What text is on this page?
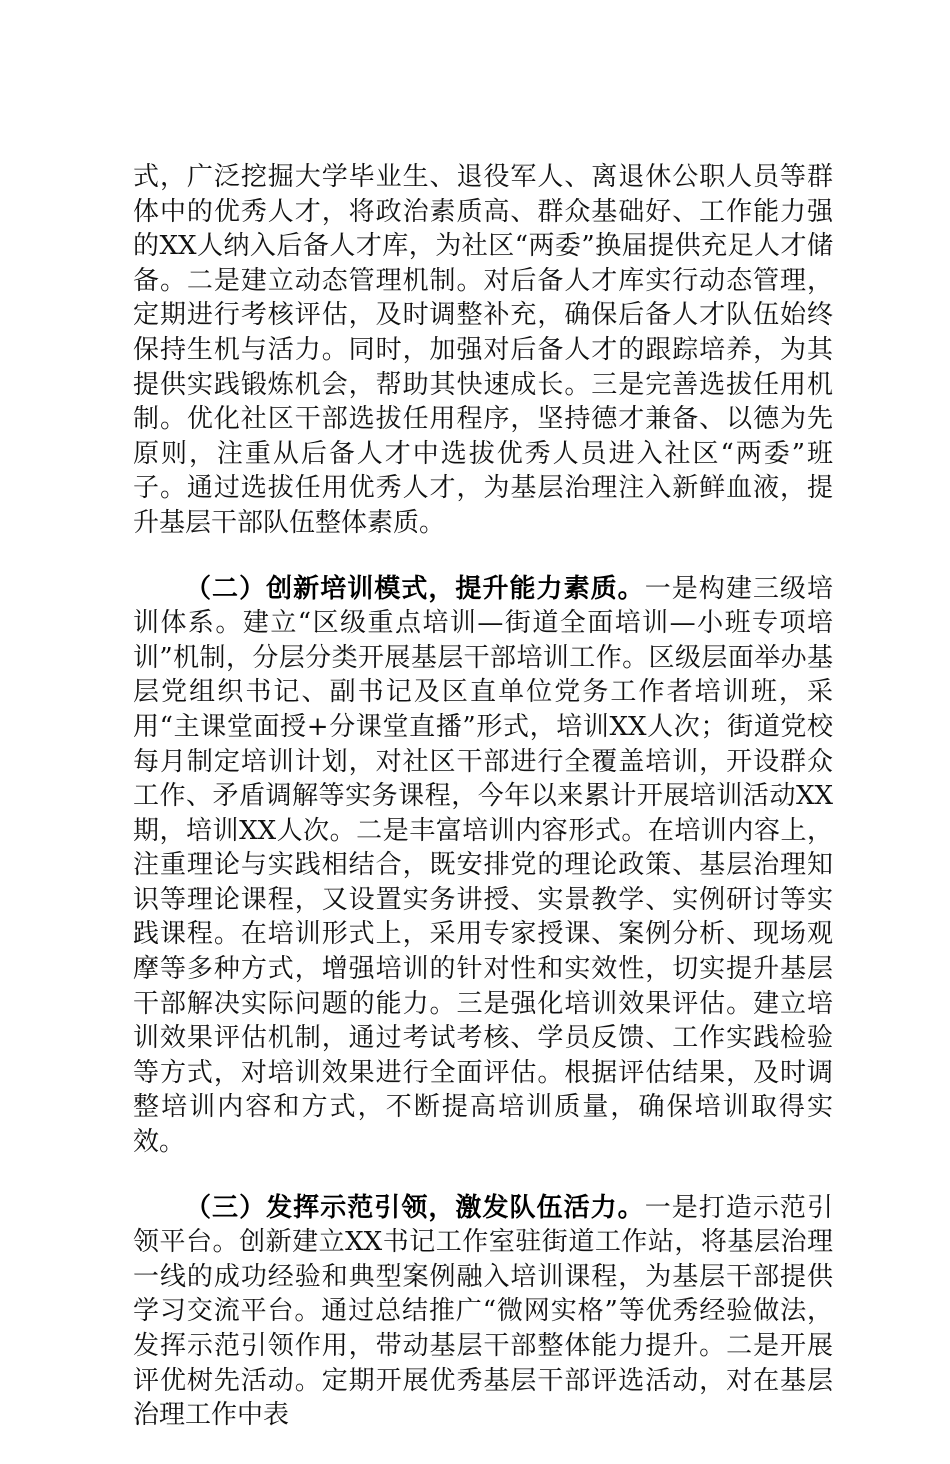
式，广泛挖掘大学毕业生、退役军人、离退休公职人员等群体中的优秀人才，将政治素质高、群众基础好、工作能力强的XX人纳入后备人才库，为社区“两委”换届提供充足人才储备。二是建立动态管理机制。对后备人才库实行动态管理，定期进行考核评估，及时调整补充，确保后备人才队伍始终保持生机与活力。同时，加强对后备人才的跟踪培养，为其提供实践锻炼机会，帮助其快速成长。三是完善选拔任用机制。优化社区干部选拔任用程序，坚持德才兼备、以德为先原则，注重从后备人才中选拔优秀人员进入社区“两委”班子。通过选拔任用优秀人才，为基层治理注入新鲜血液，提升基层干部队伍整体素质。

（二）创新培训模式，提升能力素质。一是构建三级培训体系。建立“区级重点培训—街道全面培训—小班专项培训”机制，分层分类开展基层干部培训工作。区级层面举办基层党组织书记、副书记及区直单位党务工作者培训班，采用“主课堂面授+分课堂直播”形式，培训XX人次；街道党校每月制定培训计划，对社区干部进行全覆盖培训，开设群众工作、矛盾调解等实务课程，今年以来累计开展培训活动XX期，培训XX人次。二是丰富培训内容形式。在培训内容上，注重理论与实践相结合，既安排党的理论政策、基层治理知识等理论课程，又设置实务讲授、实景教学、实例研讨等实践课程。在培训形式上，采用专家授课、案例分析、现场观摩等多种方式，增强培训的针对性和实效性，切实提升基层干部解决实际问题的能力。三是强化培训效果评估。建立培训效果评估机制，通过考试考核、学员反馈、工作实践检验等方式，对培训效果进行全面评估。根据评估结果，及时调整培训内容和方式，不断提高培训质量，确保培训取得实效。

（三）发挥示范引领，激发队伍活力。一是打造示范引领平台。创新建立XX书记工作室驻街道工作站，将基层治理一线的成功经验和典型案例融入培训课程，为基层干部提供学习交流平台。通过总结推广“微网实格”等优秀经验做法，发挥示范引领作用，带动基层干部整体能力提升。二是开展评优树先活动。定期开展优秀基层干部评选活动，对在基层治理工作中表
